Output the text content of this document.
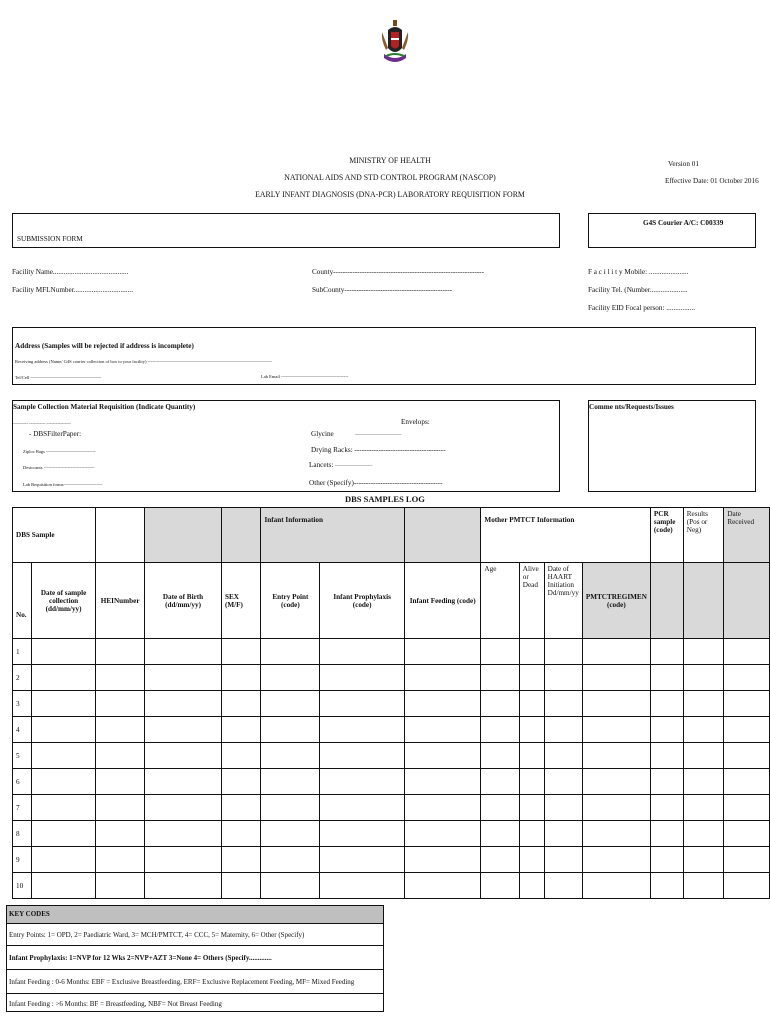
MINISTRY OF HEALTH
NATIONAL AIDS AND STD CONTROL PROGRAM (NASCOP)
EARLY INFANT DIAGNOSIS (DNA-PCR) LABORATORY REQUISITION FORM
Version 01
Effective Date: 01 October 2016
SUBMISSION FORM
G4S Courier A/C: C00339
Facility Name..........................................
Facility MFLNumber.................................
County---------------------------------------------------------------
SubCounty---------------------------------------------
F a c i l i t y Mobile: ......................
Facility Tel. (Number.....................
Facility EID Focal person: ................
Address (Samples will be rejected if address is incomplete)
Receiving address (Name/ G4S courier collection of box to your facility) -----------------------------------------------------------------------------------
Tel/Cell -----------------------------------------------	Lab Email ---------------------------------------------
Sample Collection Material Requisition (Indicate Quantity)
---------- ----------- ----------------
- DBSFilterPaper:
Ziploc Bags ---------------------------------
Desiccants ----------------------------------
Lab Requisition forms--------------------------
Envelops:
Glycine	-------------------------------
Drying Racks: --------------------------------------
Lancets: -------------------------
Other (Specify)-------------------------------------
Comme nts/Requests/Issues
DBS SAMPLES LOG
DBS Sample					Infant Information			Mother PMTCT Information				PCR sample (code)	Results (Pos or Neg)	Date Received
No.	Date of sample collection (dd/mm/yy)	HEINumber	Date of Birth (dd/mm/yy)	SEX (M/F)	Entry Point (code)	Infant Prophylaxis (code)	Infant Feeding (code)	Age	Alive or Dead	Date of HAART Initiation Dd/mm/yy	PMTCTREGIMEN (code)			
1														
2														
3														
4														
5														
6														
7														
8														
9														
10														
KEY CODES
Entry Points: 1= OPD, 2= Paediatric Ward, 3= MCH/PMTCT, 4= CCC, 5= Maternity, 6= Other (Specify)
Infant Prophylaxis: 1=NVP for 12 Wks 2=NVP+AZT 3=None 4= Others (Specify.............
Infant Feeding : 0-6 Months: EBF = Exclusive Breastfeeding, ERF= Exclusive Replacement Feeding, MF= Mixed Feeding
Infant Feeding : >6 Months: BF = Breastfeeding, NBF= Not Breast Feeding
